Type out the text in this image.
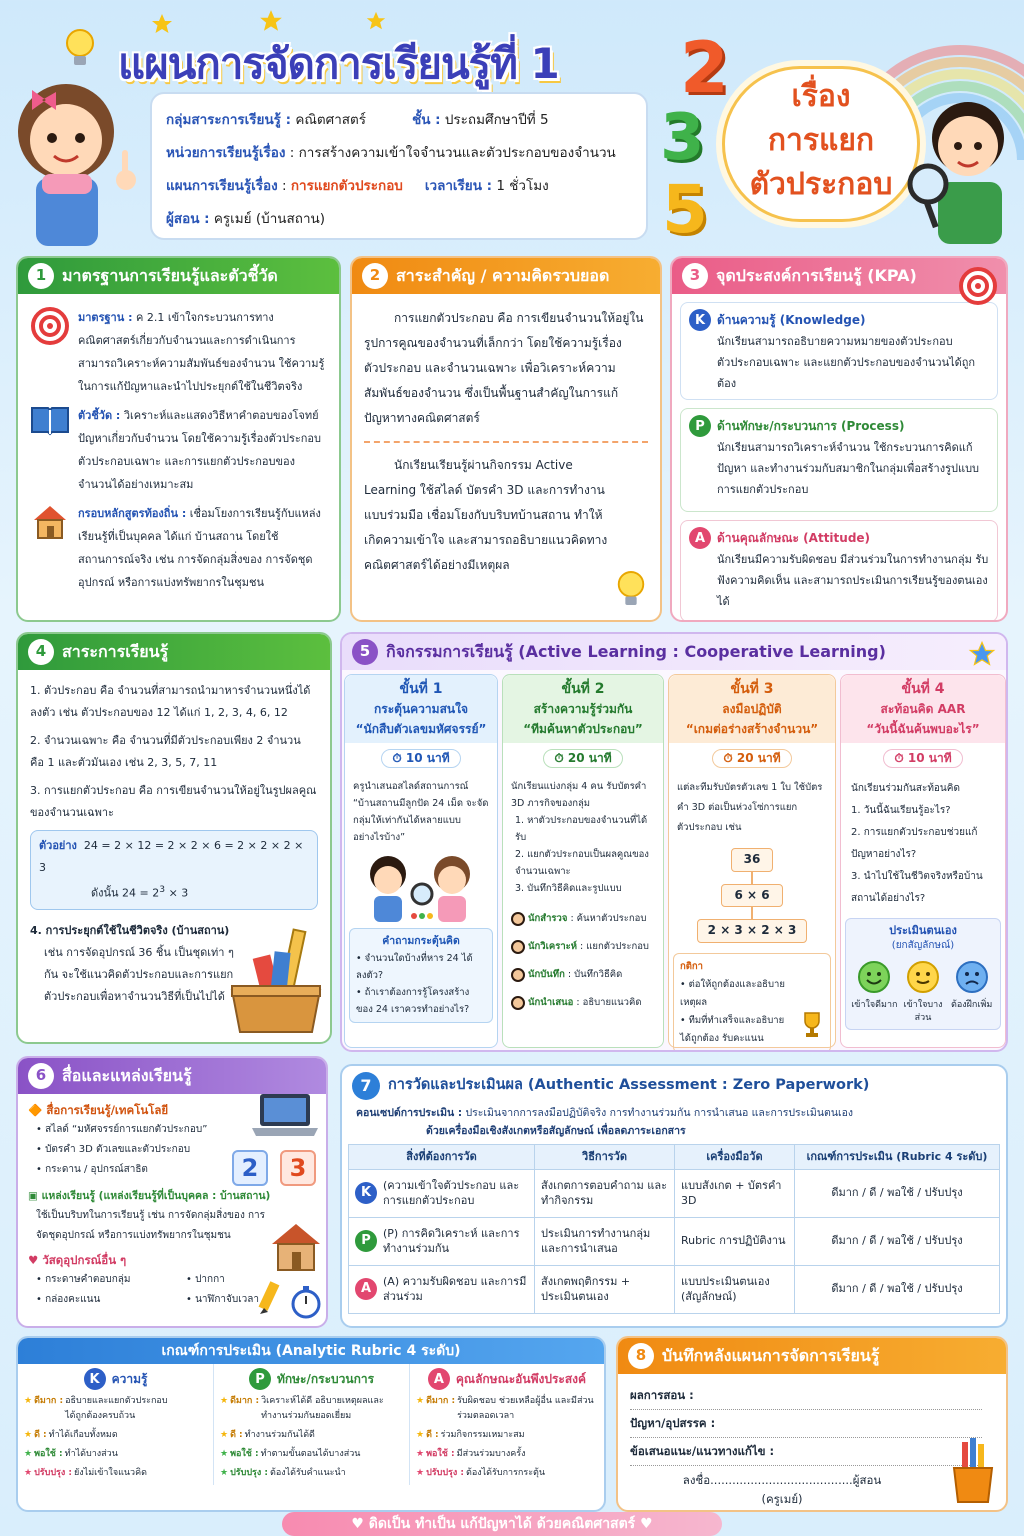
แผนการจัดการเรียนรู้ที่ 1 2
3
5
กลุ่มสาระการเรียนรู้ : คณิตศาสตร์	ชั้น : ประถมศึกษาปีที่ 5
หน่วยการเรียนรู้เรื่อง : การสร้างความเข้าใจจำนวนและตัวประกอบของจำนวน
แผนการเรียนรู้เรื่อง : การแยกตัวประกอบ เวลาเรียน : 1 ชั่วโมง
ผู้สอน : ครูเมย์ (บ้านสถาน)
เรื่อง
การแยก
ตัวประกอบ
1 มาตรฐานการเรียนรู้และตัวชี้วัด
มาตรฐาน : ค 2.1 เข้าใจกระบวนการทางคณิตศาสตร์เกี่ยวกับจำนวนและการดำเนินการ สามารถวิเคราะห์ความสัมพันธ์ของจำนวน ใช้ความรู้ในการแก้ปัญหาและนำไปประยุกต์ใช้ในชีวิตจริง
ตัวชี้วัด : วิเคราะห์และแสดงวิธีหาคำตอบของโจทย์ปัญหาเกี่ยวกับจำนวน โดยใช้ความรู้เรื่องตัวประกอบ ตัวประกอบเฉพาะ และการแยกตัวประกอบของจำนวนได้อย่างเหมาะสม
กรอบหลักสูตรท้องถิ่น : เชื่อมโยงการเรียนรู้กับแหล่งเรียนรู้ที่เป็นบุคคล ได้แก่ บ้านสถาน โดยใช้สถานการณ์จริง เช่น การจัดกลุ่มสิ่งของ การจัดชุดอุปกรณ์ หรือการแบ่งทรัพยากรในชุมชน
2 สาระสำคัญ / ความคิดรวบยอด
การแยกตัวประกอบ คือ การเขียนจำนวนให้อยู่ในรูปการคูณของจำนวนที่เล็กกว่า โดยใช้ความรู้เรื่องตัวประกอบ และจำนวนเฉพาะ เพื่อวิเคราะห์ความสัมพันธ์ของจำนวน ซึ่งเป็นพื้นฐานสำคัญในการแก้ปัญหาทางคณิตศาสตร์
นักเรียนเรียนรู้ผ่านกิจกรรม Active Learning ใช้สไลด์ บัตรคำ 3D และการทำงานแบบร่วมมือ เชื่อมโยงกับบริบทบ้านสถาน ทำให้เกิดความเข้าใจ และสามารถอธิบายแนวคิดทางคณิตศาสตร์ได้อย่างมีเหตุผล
3 จุดประสงค์การเรียนรู้ (KPA)
K ด้านความรู้ (Knowledge)
นักเรียนสามารถอธิบายความหมายของตัวประกอบ ตัวประกอบเฉพาะ และแยกตัวประกอบของจำนวนได้ถูกต้อง
P	ด้านทักษะ/กระบวนการ (Process)
นักเรียนสามารถวิเคราะห์จำนวน ใช้กระบวนการคิดแก้ปัญหา และทำงานร่วมกับสมาชิกในกลุ่มเพื่อสร้างรูปแบบการแยกตัวประกอบ
A ด้านคุณลักษณะ (Attitude)
นักเรียนมีความรับผิดชอบ มีส่วนร่วมในการทำงานกลุ่ม รับฟังความคิดเห็น และสามารถประเมินการเรียนรู้ของตนเองได้
4 สาระการเรียนรู้
1. ตัวประกอบ คือ จำนวนที่สามารถนำมาหารจำนวนหนึ่งได้ลงตัว เช่น ตัวประกอบของ 12 ได้แก่ 1, 2, 3, 4, 6, 12
2. จำนวนเฉพาะ คือ จำนวนที่มีตัวประกอบเพียง 2 จำนวน คือ 1 และตัวมันเอง เช่น 2, 3, 5, 7, 11
3. การแยกตัวประกอบ คือ การเขียนจำนวนให้อยู่ในรูปผลคูณของจำนวนเฉพาะ
ตัวอย่าง 24 = 2 × 12 = 2 × 2 × 6 = 2 × 2 × 2 × 3
ดังนั้น $24 = 2^3 \times 3$
4. การประยุกต์ใช้ในชีวิตจริง (บ้านสถาน)
เช่น การจัดอุปกรณ์ 36 ชิ้น เป็นชุดเท่า ๆ กัน จะใช้แนวคิดตัวประกอบและการแยกตัวประกอบเพื่อหาจำนวนวิธีที่เป็นไปได้
5 กิจกรรมการเรียนรู้ (Active Learning : Cooperative Learning)
ขั้นที่ 1
กระตุ้นความสนใจ
“นักสืบตัวเลขมหัศจรรย์”
⏱ 10 นาที
ครูนำเสนอสไลด์สถานการณ์ “บ้านสถานมีลูกปัด 24 เม็ด จะจัดกลุ่มให้เท่ากันได้หลายแบบอย่างไรบ้าง”
คำถามกระตุ้นคิด
• จำนวนใดบ้างที่หาร 24 ได้ลงตัว?
• ถ้าเราต้องการรู้โครงสร้างของ 24 เราควรทำอย่างไร?
ขั้นที่ 2
สร้างความรู้ร่วมกัน
“ทีมค้นหาตัวประกอบ”
⏱ 20 นาที
นักเรียนแบ่งกลุ่ม 4 คน รับบัตรคำ 3D ภารกิจของกลุ่ม
1. หาตัวประกอบของจำนวนที่ได้รับ
2. แยกตัวประกอบเป็นผลคูณของจำนวนเฉพาะ
3. บันทึกวิธีคิดและรูปแบบ
นักสำรวจ : ค้นหาตัวประกอบ
นักวิเคราะห์ : แยกตัวประกอบ
นักบันทึก : บันทึกวิธีคิด
นักนำเสนอ : อธิบายแนวคิด
ขั้นที่ 3
ลงมือปฏิบัติ
“เกมต่อร่างสร้างจำนวน”
⏱ 20 นาที
แต่ละทีมรับบัตรตัวเลข 1 ใบ ใช้บัตรคำ 3D ต่อเป็นห่วงโซ่การแยกตัวประกอบ เช่น
36
6 × 6
2 × 3 × 2 × 3
กติกา
• ต่อให้ถูกต้องและอธิบายเหตุผล
• ทีมที่ทำเสร็จและอธิบายได้ถูกต้อง รับคะแนน
ขั้นที่ 4
สะท้อนคิด AAR
“วันนี้ฉันค้นพบอะไร”
⏱ 10 นาที
นักเรียนร่วมกันสะท้อนคิด
1. วันนี้ฉันเรียนรู้อะไร?
2. การแยกตัวประกอบช่วยแก้ปัญหาอย่างไร?
3. นำไปใช้ในชีวิตจริงหรือบ้านสถานได้อย่างไร?
ประเมินตนเอง
(ยกสัญลักษณ์)
เข้าใจดีมาก เข้าใจบางส่วน
ต้องฝึกเพิ่ม
6 สื่อและแหล่งเรียนรู้
🔶 สื่อการเรียนรู้/เทคโนโลยี
• สไลด์ “มหัศจรรย์การแยกตัวประกอบ”
• บัตรคำ 3D ตัวเลขและตัวประกอบ
• กระดาน / อุปกรณ์สาธิต
▣ แหล่งเรียนรู้ (แหล่งเรียนรู้ที่เป็นบุคคล : บ้านสถาน)
ใช้เป็นบริบทในการเรียนรู้ เช่น การจัดกลุ่มสิ่งของ การจัดชุดอุปกรณ์ หรือการแบ่งทรัพยากรในชุมชน
♥ วัสดุอุปกรณ์อื่น ๆ
• กระดาษคำตอบกลุ่ม	• ปากกา
• กล่องคะแนน	• นาฬิกาจับเวลา
2	3
7	การวัดและประเมินผล (Authentic Assessment : Zero Paperwork)
คอนเซปต์การประเมิน : ประเมินจากการลงมือปฏิบัติจริง การทำงานร่วมกัน การนำเสนอ และการประเมินตนเอง
ด้วยเครื่องมือเชิงสังเกตหรือสัญลักษณ์ เพื่อลดภาระเอกสาร
สิ่งที่ต้องการวัด	วิธีการวัด	เครื่องมือวัด	เกณฑ์การประเมิน (Rubric 4 ระดับ)

K
(ความเข้าใจตัวประกอบ และการแยกตัวประกอบ	สังเกตการตอบคำถาม และทำกิจกรรม	แบบสังเกต + บัตรคำ 3D	ดีมาก / ดี / พอใช้ / ปรับปรุง

P
(P) การคิดวิเคราะห์ และการทำงานร่วมกัน	ประเมินการทำงานกลุ่ม และการนำเสนอ	Rubric การปฏิบัติงาน	ดีมาก / ดี / พอใช้ / ปรับปรุง

A
(A) ความรับผิดชอบ และการมีส่วนร่วม	สังเกตพฤติกรรม + ประเมินตนเอง	แบบประเมินตนเอง (สัญลักษณ์)	ดีมาก / ดี / พอใช้ / ปรับปรุง
เกณฑ์การประเมิน (Analytic Rubric 4 ระดับ)
K ความรู้
★ ดีมาก : อธิบายและแยกตัวประกอบได้ถูกต้องครบถ้วน
★ ดี : ทำได้เกือบทั้งหมด
★ พอใช้ : ทำได้บางส่วน
★ ปรับปรุง : ยังไม่เข้าใจแนวคิด
P	ทักษะ/กระบวนการ
★ ดีมาก : วิเคราะห์ได้ดี อธิบายเหตุผลและทำงานร่วมกันยอดเยี่ยม
★ ดี : ทำงานร่วมกันได้ดี
★ พอใช้ : ทำตามขั้นตอนได้บางส่วน
★ ปรับปรุง : ต้องได้รับคำแนะนำ
A คุณลักษณะอันพึงประสงค์
★ ดีมาก : รับผิดชอบ ช่วยเหลือผู้อื่น และมีส่วนร่วมตลอดเวลา
★ ดี : ร่วมกิจกรรมเหมาะสม
★ พอใช้ : มีส่วนร่วมบางครั้ง
★ ปรับปรุง : ต้องได้รับการกระตุ้น
8 บันทึกหลังแผนการจัดการเรียนรู้
ผลการสอน :
ปัญหา/อุปสรรค :
ข้อเสนอแนะ/แนวทางแก้ไข :
ลงชื่อ.......................................ผู้สอน
(ครูเมย์)
♥ ดิดเป็น ทำเป็น แก้ปัญหาได้ ด้วยคณิตศาสตร์ ♥
